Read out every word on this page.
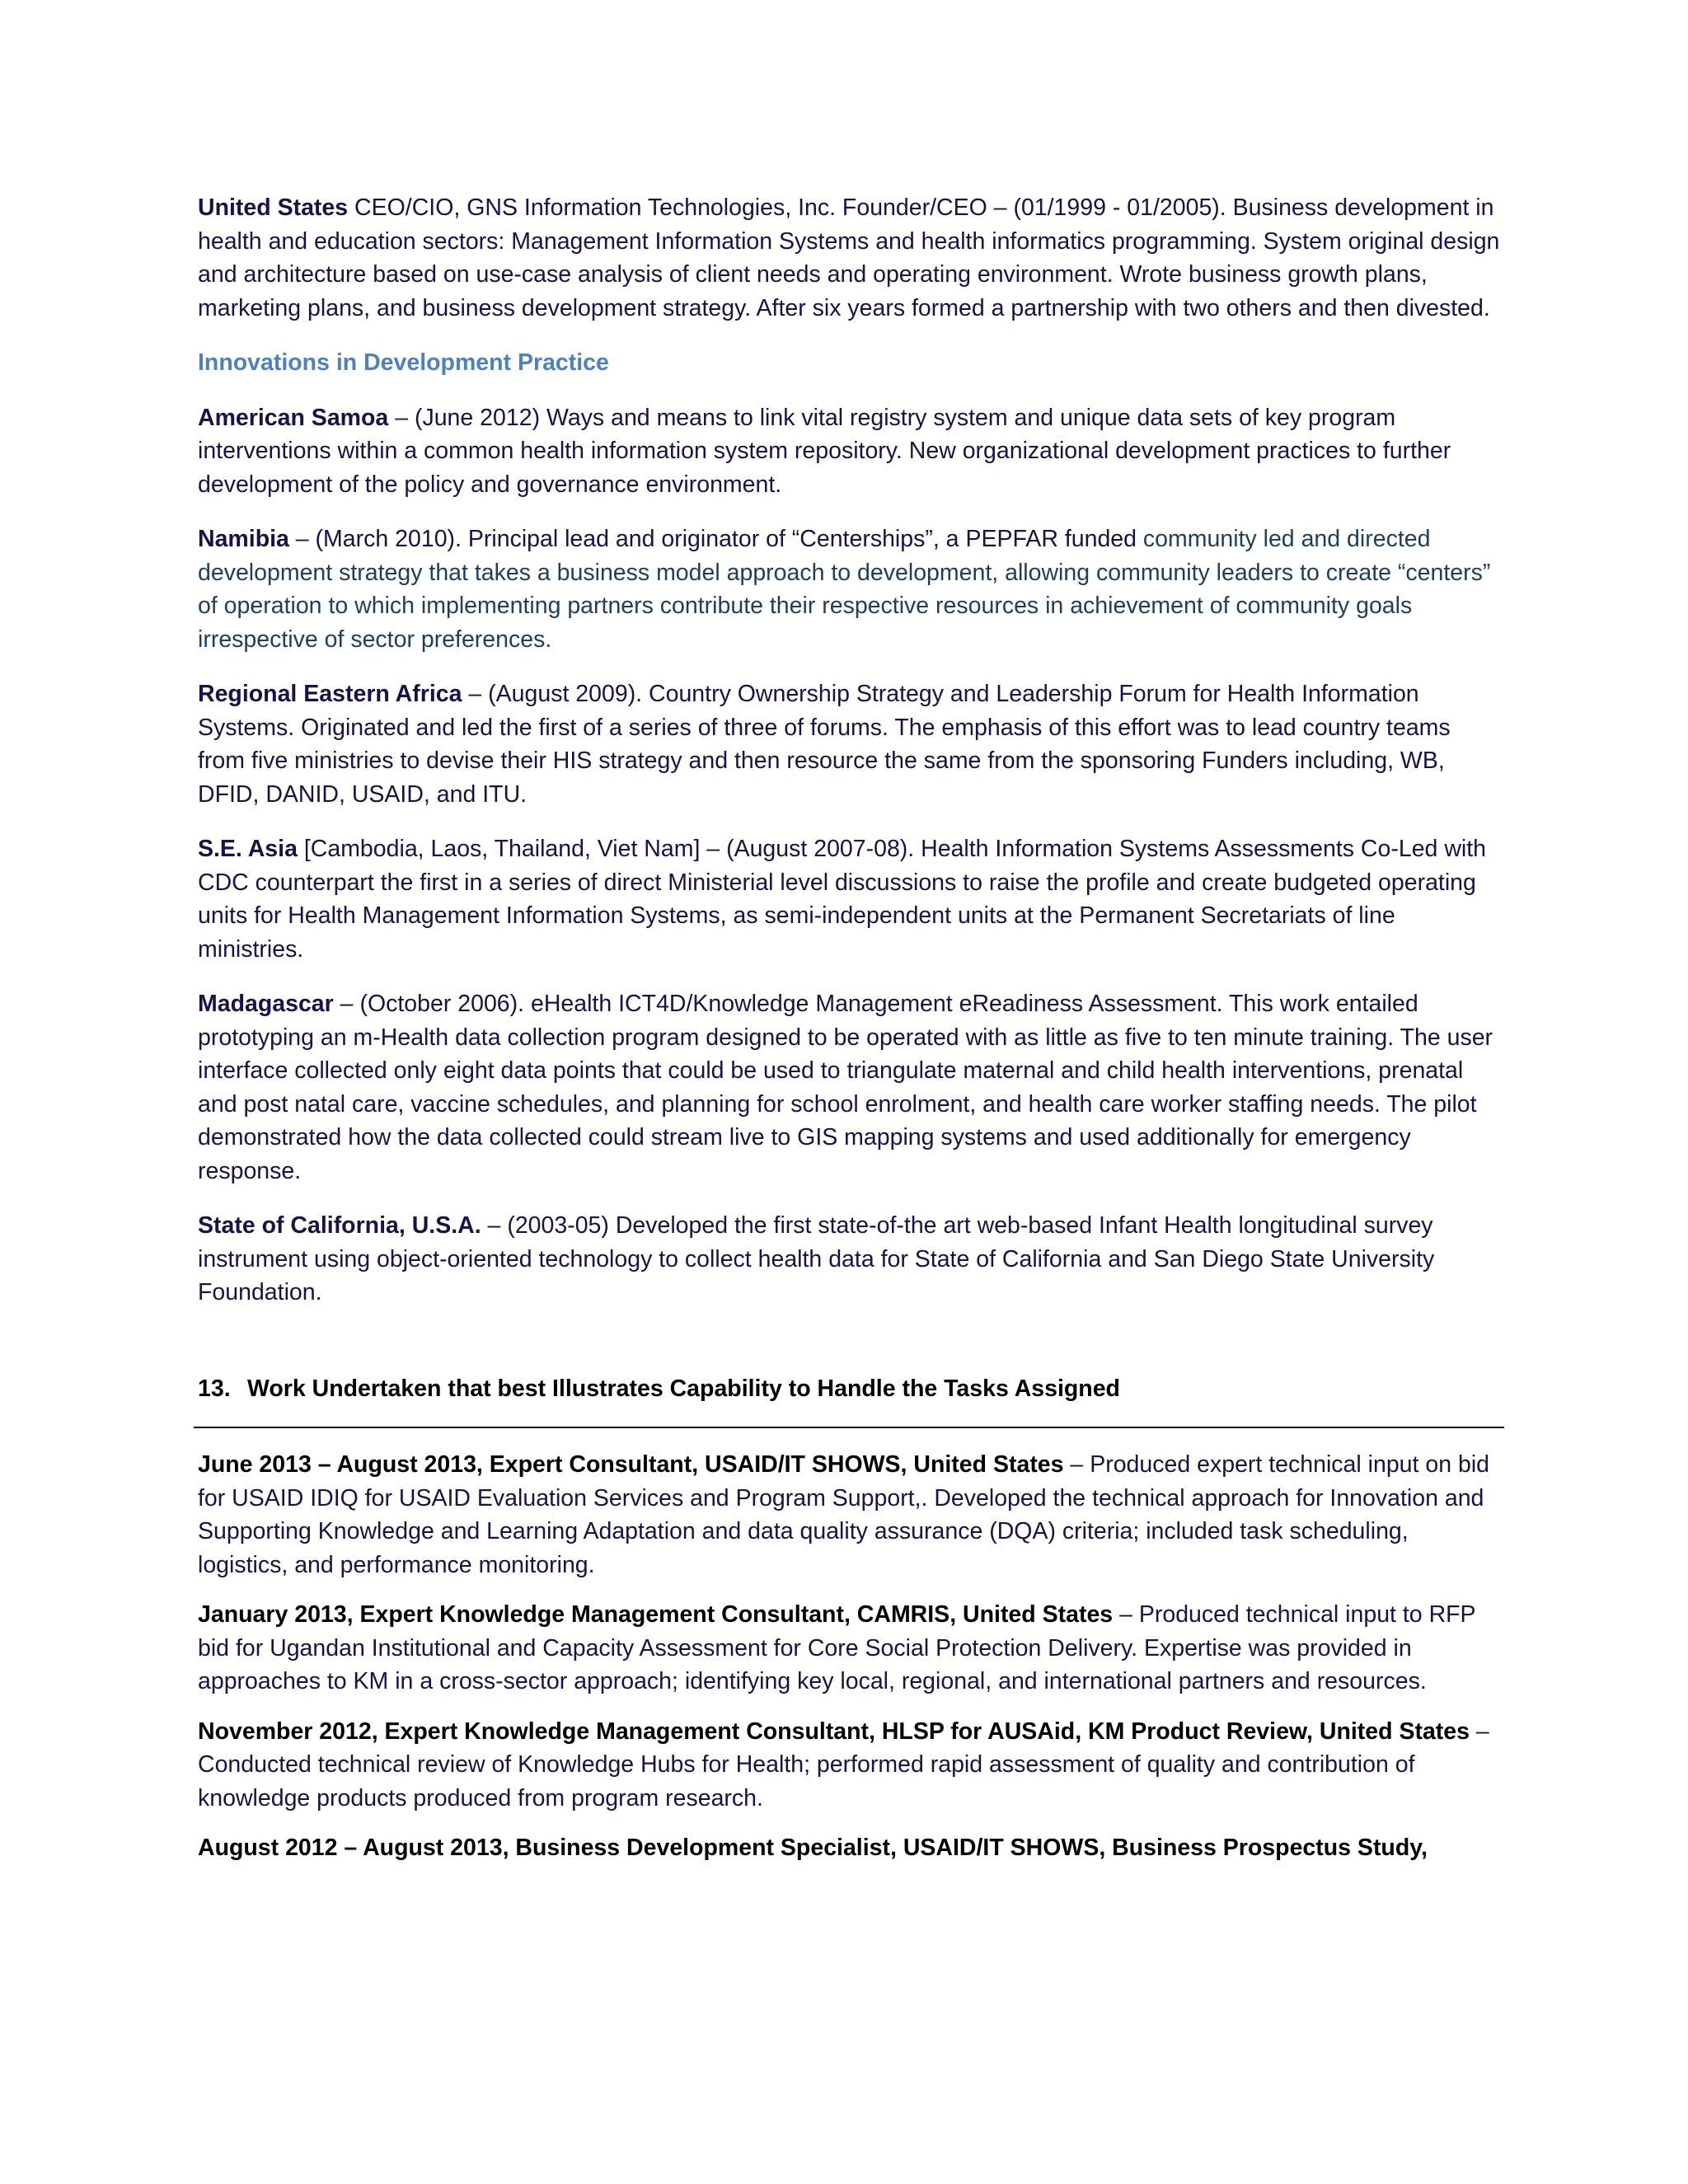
United States CEO/CIO, GNS Information Technologies, Inc. Founder/CEO – (01/1999 - 01/2005). Business development in health and education sectors: Management Information Systems and health informatics programming. System original design and architecture based on use-case analysis of client needs and operating environment. Wrote business growth plans, marketing plans, and business development strategy. After six years formed a partnership with two others and then divested.

Innovations in Development Practice

American Samoa – (June 2012) Ways and means to link vital registry system and unique data sets of key program interventions within a common health information system repository. New organizational development practices to further development of the policy and governance environment.

Namibia – (March 2010). Principal lead and originator of “Centerships”, a PEPFAR funded community led and directed development strategy that takes a business model approach to development, allowing community leaders to create “centers” of operation to which implementing partners contribute their respective resources in achievement of community goals irrespective of sector preferences.

Regional Eastern Africa – (August 2009). Country Ownership Strategy and Leadership Forum for Health Information Systems. Originated and led the first of a series of three of forums. The emphasis of this effort was to lead country teams from five ministries to devise their HIS strategy and then resource the same from the sponsoring Funders including, WB, DFID, DANID, USAID, and ITU.

S.E. Asia [Cambodia, Laos, Thailand, Viet Nam] – (August 2007-08). Health Information Systems Assessments Co-Led with CDC counterpart the first in a series of direct Ministerial level discussions to raise the profile and create budgeted operating units for Health Management Information Systems, as semi-independent units at the Permanent Secretariats of line ministries.

Madagascar – (October 2006). eHealth ICT4D/Knowledge Management eReadiness Assessment. This work entailed prototyping an m-Health data collection program designed to be operated with as little as five to ten minute training. The user interface collected only eight data points that could be used to triangulate maternal and child health interventions, prenatal and post natal care, vaccine schedules, and planning for school enrolment, and health care worker staffing needs. The pilot demonstrated how the data collected could stream live to GIS mapping systems and used additionally for emergency response.

State of California, U.S.A. – (2003-05) Developed the first state-of-the art web-based Infant Health longitudinal survey instrument using object-oriented technology to collect health data for State of California and San Diego State University Foundation.

13. Work Undertaken that best Illustrates Capability to Handle the Tasks Assigned

June 2013 – August 2013, Expert Consultant, USAID/IT SHOWS, United States – Produced expert technical input on bid for USAID IDIQ for USAID Evaluation Services and Program Support,. Developed the technical approach for Innovation and Supporting Knowledge and Learning Adaptation and data quality assurance (DQA) criteria; included task scheduling, logistics, and performance monitoring.

January 2013, Expert Knowledge Management Consultant, CAMRIS, United States – Produced technical input to RFP bid for Ugandan Institutional and Capacity Assessment for Core Social Protection Delivery. Expertise was provided in approaches to KM in a cross-sector approach; identifying key local, regional, and international partners and resources.

November 2012, Expert Knowledge Management Consultant, HLSP for AUSAid, KM Product Review, United States – Conducted technical review of Knowledge Hubs for Health; performed rapid assessment of quality and contribution of knowledge products produced from program research.

August 2012 – August 2013, Business Development Specialist, USAID/IT SHOWS, Business Prospectus Study,
